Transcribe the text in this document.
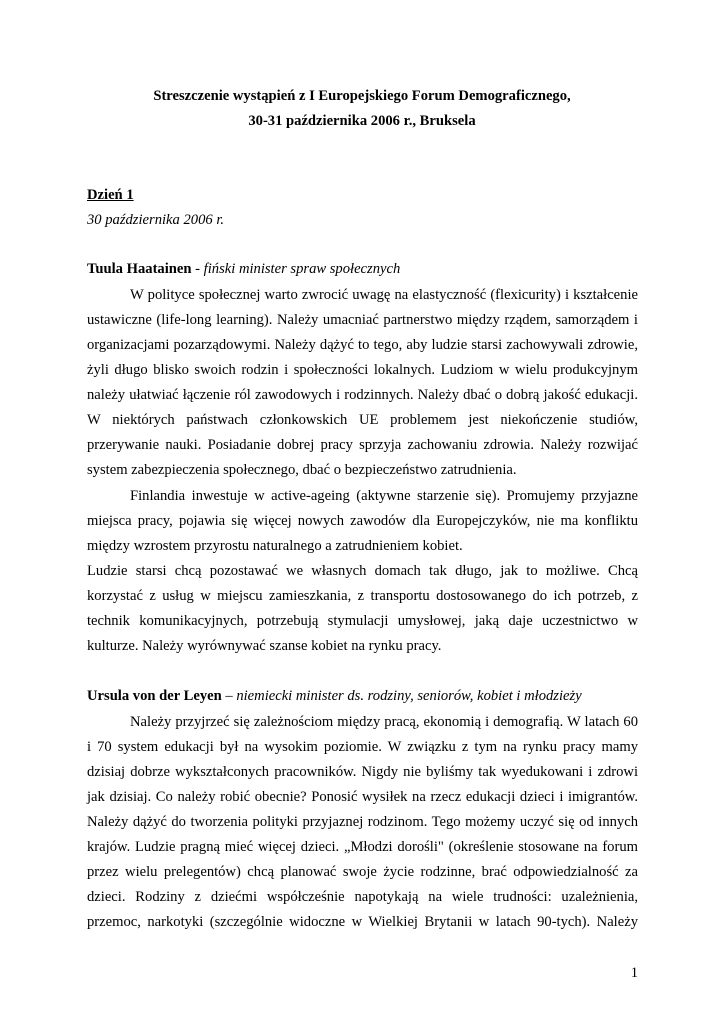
Streszczenie wystąpień z I Europejskiego Forum Demograficznego,
30-31 października 2006 r., Bruksela
Dzień 1
30 października 2006 r.
Tuula Haatainen - fiński minister spraw społecznych
W polityce społecznej warto zwrocić uwagę na elastyczność (flexicurity) i kształcenie
ustawiczne (life-long learning). Należy umacniać partnerstwo między rządem, samorządem i
organizacjami pozarządowymi. Należy dążyć to tego, aby ludzie starsi zachowywali zdrowie,
żyli długo blisko swoich rodzin i społeczności lokalnych. Ludziom w wielu produkcyjnym
należy ułatwiać łączenie ról zawodowych i rodzinnych. Należy dbać o dobrą jakość edukacji.
W niektórych państwach członkowskich UE problemem jest niekończenie studiów,
przerywanie nauki. Posiadanie dobrej pracy sprzyja zachowaniu zdrowia. Należy rozwijać
system zabezpieczenia społecznego, dbać o bezpieczeństwo zatrudnienia.
Finlandia inwestuje w active-ageing (aktywne starzenie się). Promujemy przyjazne
miejsca pracy, pojawia się więcej nowych zawodów dla Europejczyków, nie ma konfliktu
między wzrostem przyrostu naturalnego a zatrudnieniem kobiet.
Ludzie starsi chcą pozostawać we własnych domach tak długo, jak to możliwe. Chcą
korzystać z usług w miejscu zamieszkania, z transportu dostosowanego do ich potrzeb, z
technik komunikacyjnych, potrzebują stymulacji umysłowej, jaką daje uczestnictwo w
kulturze. Należy wyrównywać szanse kobiet na rynku pracy.
Ursula von der Leyen – niemiecki minister ds. rodziny, seniorów, kobiet i młodzieży
Należy przyjrzeć się zależnościom między pracą, ekonomią i demografią. W latach 60
i 70 system edukacji był na wysokim poziomie. W związku z tym na rynku pracy mamy
dzisiaj dobrze wykształconych pracowników. Nigdy nie byliśmy tak wyedukowani i zdrowi
jak dzisiaj. Co należy robić obecnie? Ponosić wysiłek na rzecz edukacji dzieci i imigrantów.
Należy dążyć do tworzenia polityki przyjaznej rodzinom. Tego możemy uczyć się od innych
krajów. Ludzie pragną mieć więcej dzieci. „Młodzi dorośli" (określenie stosowane na forum
przez wielu prelegentów) chcą planować swoje życie rodzinne, brać odpowiedzialność za
dzieci. Rodziny z dziećmi współcześnie napotykają na wiele trudności: uzależnienia,
przemoc, narkotyki (szczególnie widoczne w Wielkiej Brytanii w latach 90-tych). Należy
1
